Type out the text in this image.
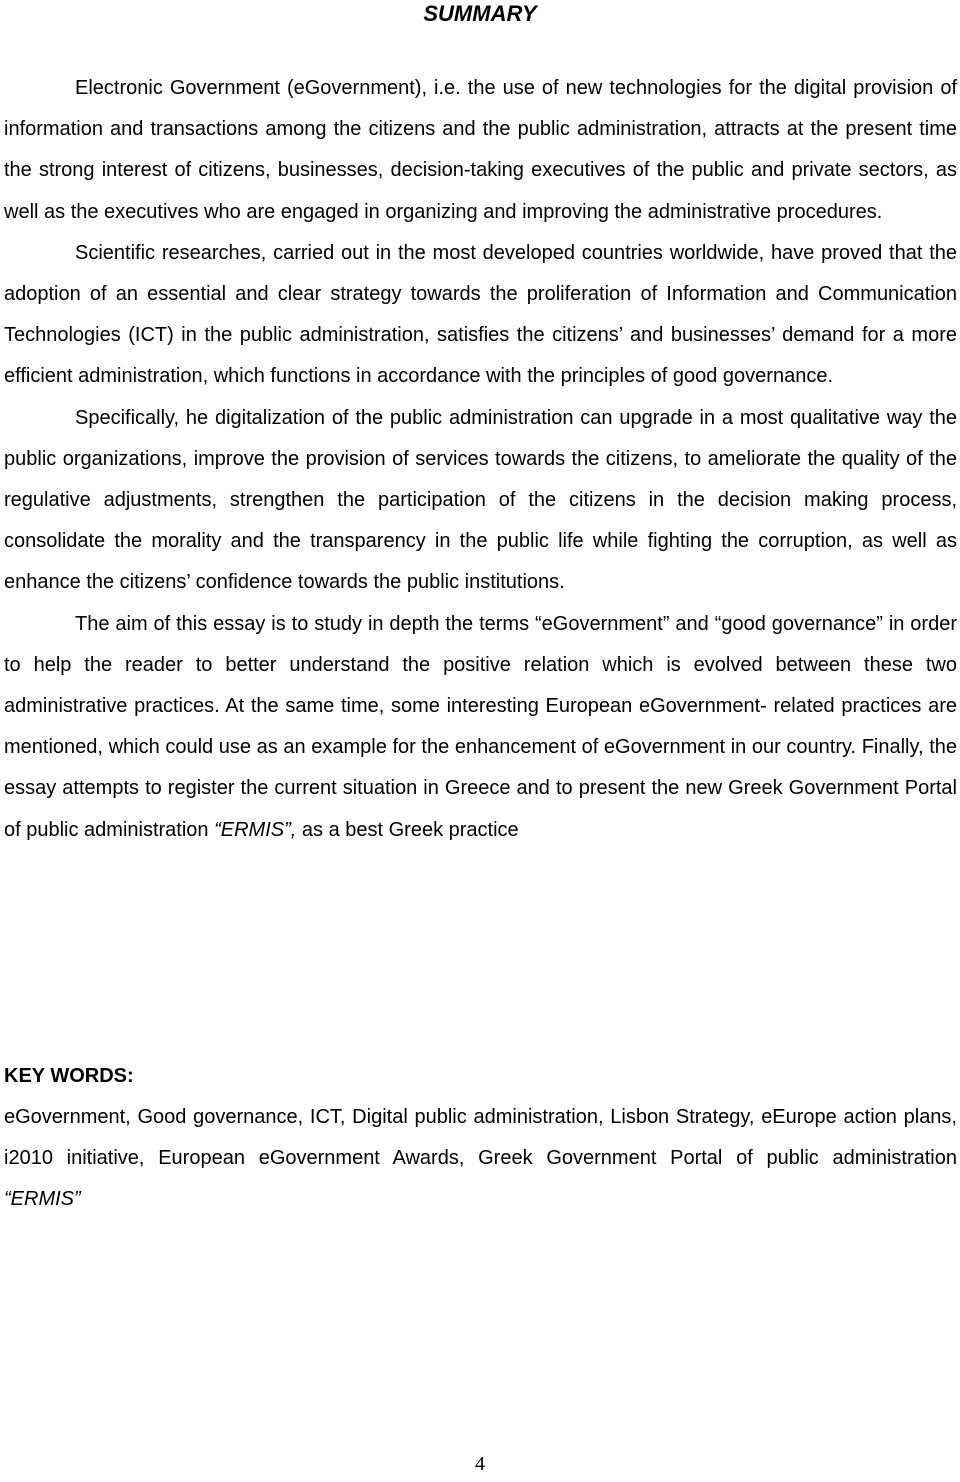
SUMMARY

Electronic Government (eGovernment), i.e. the use of new technologies for the digital provision of information and transactions among the citizens and the public administration, attracts at the present time the strong interest of citizens, businesses, decision-taking executives of the public and private sectors, as well as the executives who are engaged in organizing and improving the administrative procedures.

Scientific researches, carried out in the most developed countries worldwide, have proved that the adoption of an essential and clear strategy towards the proliferation of Information and Communication Technologies (ICT) in the public administration, satisfies the citizens’ and businesses’ demand for a more efficient administration, which functions in accordance with the principles of good governance.

Specifically, he digitalization of the public administration can upgrade in a most qualitative way the public organizations, improve the provision of services towards the citizens, to ameliorate the quality of the regulative adjustments, strengthen the participation of the citizens in the decision making process, consolidate the morality and the transparency in the public life while fighting the corruption, as well as enhance the citizens’ confidence towards the public institutions.

The aim of this essay is to study in depth the terms “eGovernment” and “good governance” in order to help the reader to better understand the positive relation which is evolved between these two administrative practices. At the same time, some interesting European eGovernment- related practices are mentioned, which could use as an example for the enhancement of eGovernment in our country. Finally, the essay attempts to register the current situation in Greece and to present the new Greek Government Portal of public administration “ERMIS”, as a best Greek practice

KEY WORDS:

eGovernment, Good governance, ICT, Digital public administration, Lisbon Strategy, eEurope action plans, i2010 initiative, European eGovernment Awards, Greek Government Portal of public administration “ERMIS”

4
